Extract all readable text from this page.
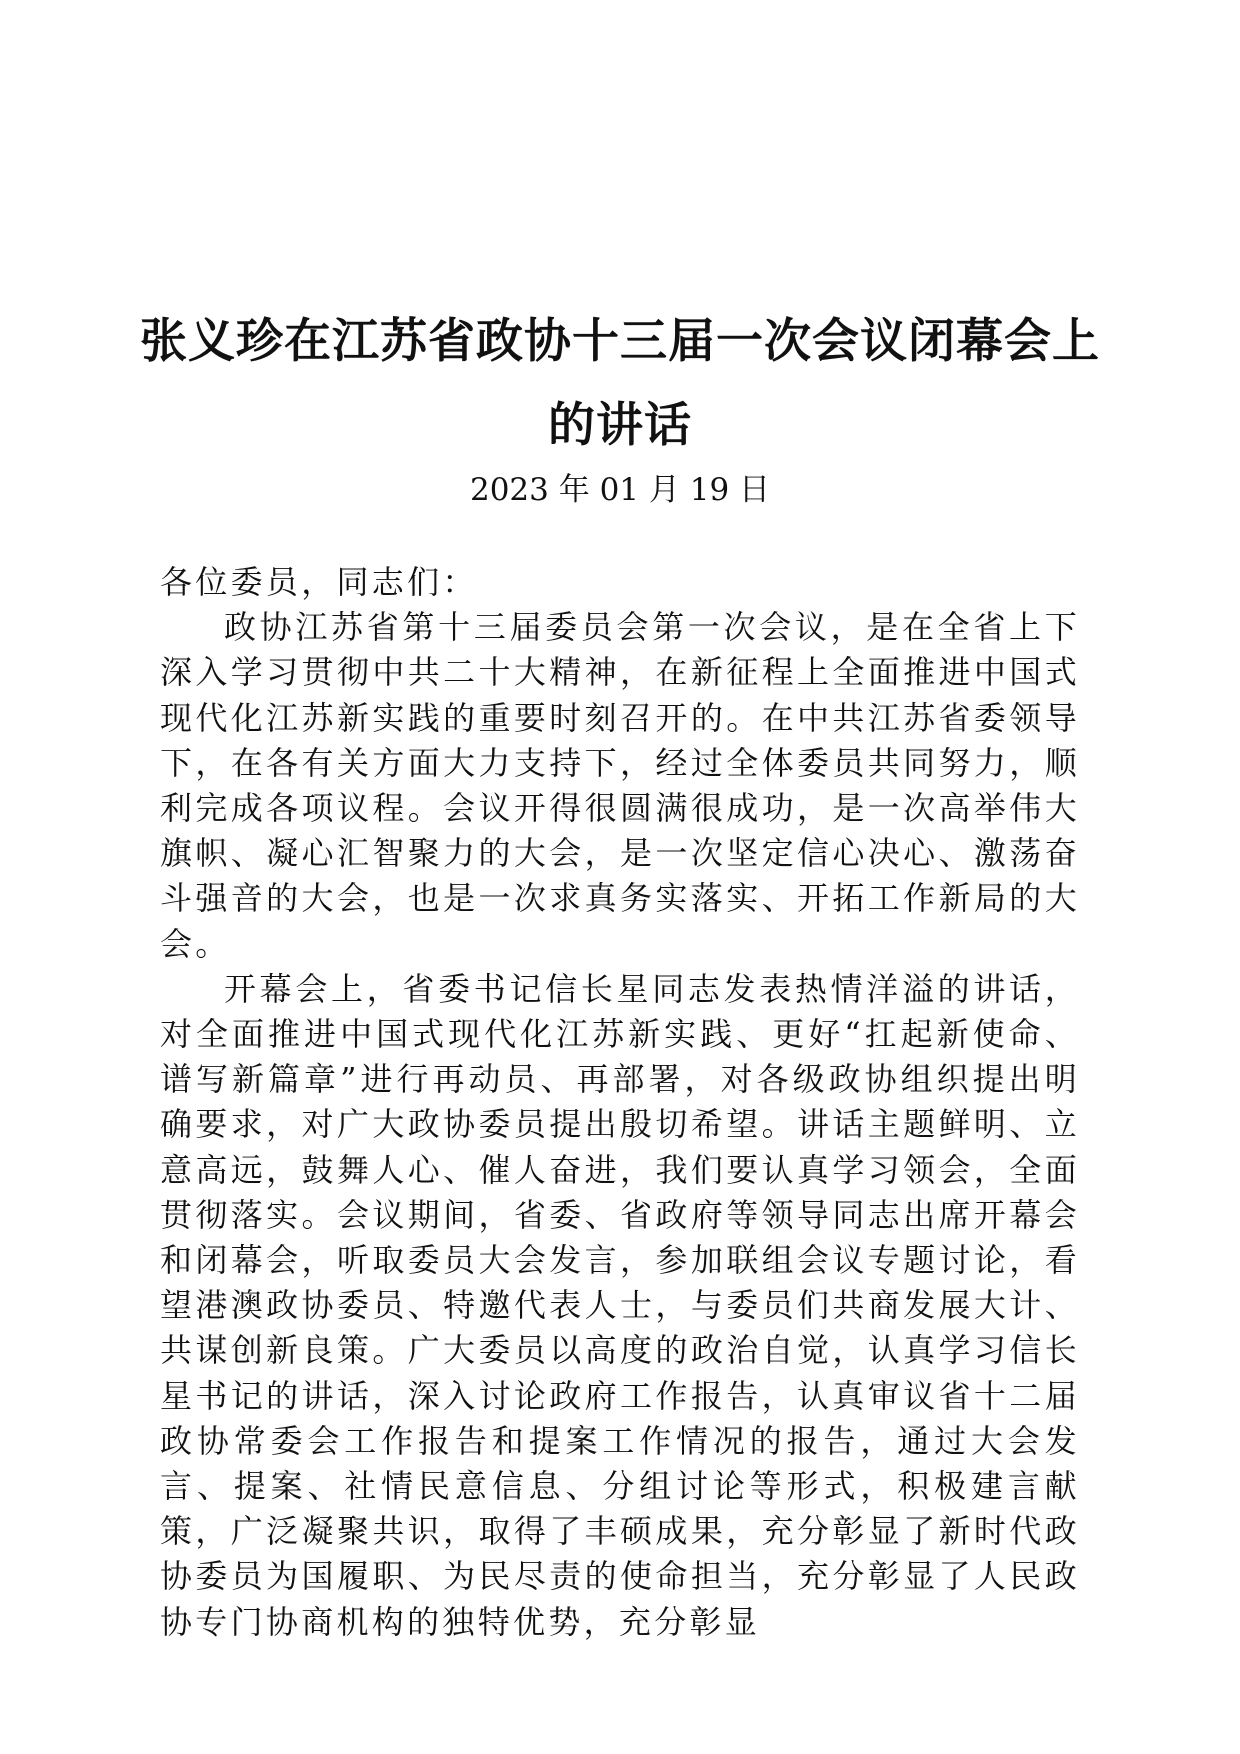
张义珍在江苏省政协十三届一次会议闭幕会上的讲话

2023 年 01 月 19 日

各位委员，同志们：

政协江苏省第十三届委员会第一次会议，是在全省上下深入学习贯彻中共二十大精神，在新征程上全面推进中国式现代化江苏新实践的重要时刻召开的。在中共江苏省委领导下，在各有关方面大力支持下，经过全体委员共同努力，顺利完成各项议程。会议开得很圆满很成功，是一次高举伟大旗帜、凝心汇智聚力的大会，是一次坚定信心决心、激荡奋斗强音的大会，也是一次求真务实落实、开拓工作新局的大会。

开幕会上，省委书记信长星同志发表热情洋溢的讲话，对全面推进中国式现代化江苏新实践、更好“扛起新使命、谱写新篇章”进行再动员、再部署，对各级政协组织提出明确要求，对广大政协委员提出殷切希望。讲话主题鲜明、立意高远，鼓舞人心、催人奋进，我们要认真学习领会，全面贯彻落实。会议期间，省委、省政府等领导同志出席开幕会和闭幕会，听取委员大会发言，参加联组会议专题讨论，看望港澳政协委员、特邀代表人士，与委员们共商发展大计、共谋创新良策。广大委员以高度的政治自觉，认真学习信长星书记的讲话，深入讨论政府工作报告，认真审议省十二届政协常委会工作报告和提案工作情况的报告，通过大会发言、提案、社情民意信息、分组讨论等形式，积极建言献策，广泛凝聚共识，取得了丰硕成果，充分彰显了新时代政协委员为国履职、为民尽责的使命担当，充分彰显了人民政协专门协商机构的独特优势，充分彰显
